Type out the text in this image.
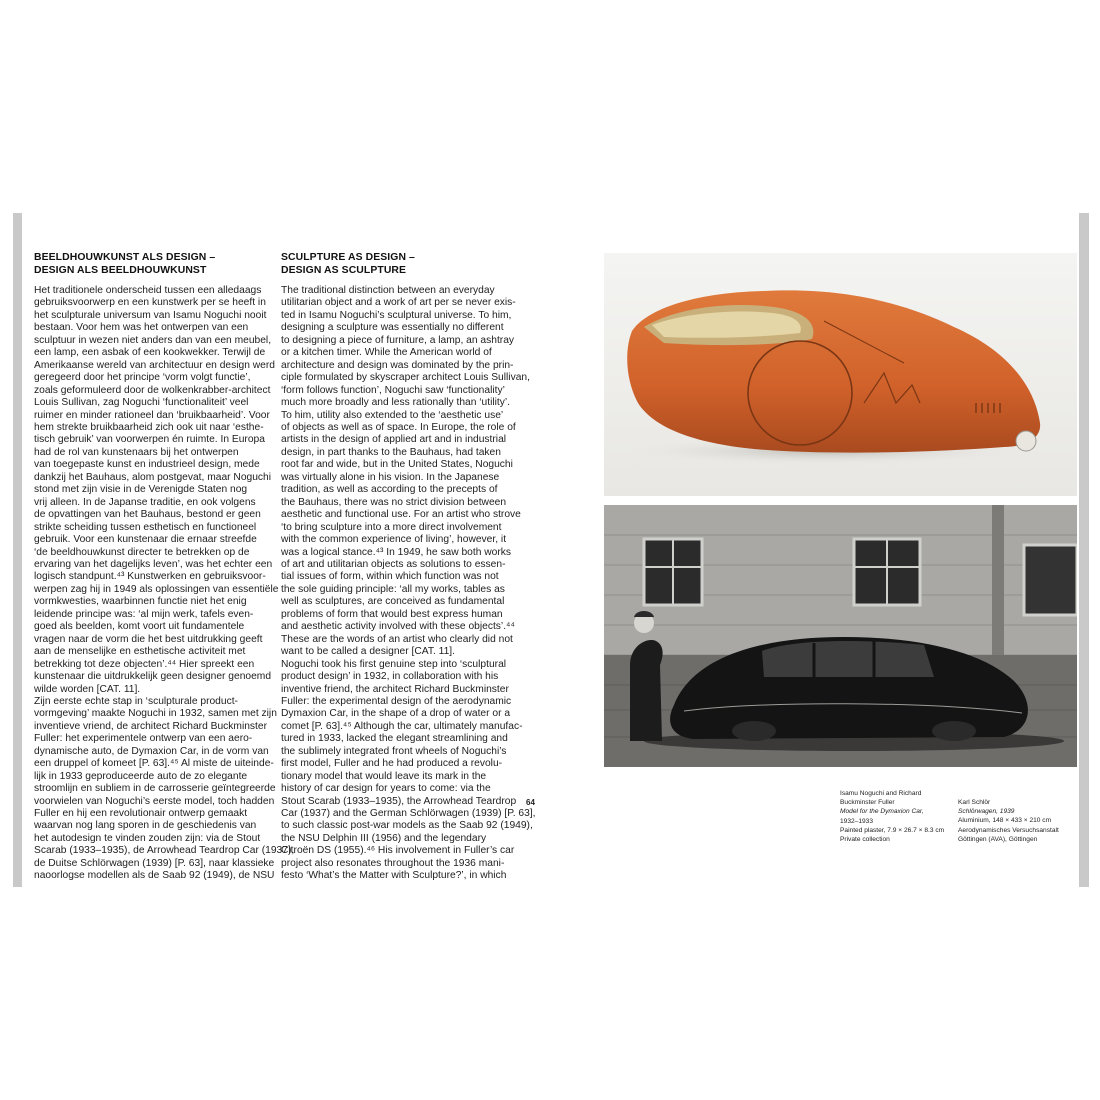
BEELDHOUWKUNST ALS DESIGN –
DESIGN ALS BEELDHOUWKUNST
Het traditionele onderscheid tussen een alledaags
gebruiksvoorwerp en een kunstwerk per se heeft in
het sculpturale universum van Isamu Noguchi nooit
bestaan. Voor hem was het ontwerpen van een
sculptuur in wezen niet anders dan van een meubel,
een lamp, een asbak of een kookwekker. Terwijl de
Amerikaanse wereld van architectuur en design werd
geregeerd door het principe ‘vorm volgt functie’,
zoals geformuleerd door de wolkenkrabber-architect
Louis Sullivan, zag Noguchi ‘functionaliteit’ veel
ruimer en minder rationeel dan ‘bruikbaarheid’. Voor
hem strekte bruikbaarheid zich ook uit naar ‘esthe-
tisch gebruik’ van voorwerpen én ruimte. In Europa
had de rol van kunstenaars bij het ontwerpen
van toegepaste kunst en industrieel design, mede
dankzij het Bauhaus, alom postgevat, maar Noguchi
stond met zijn visie in de Verenigde Staten nog
vrij alleen. In de Japanse traditie, en ook volgens
de opvattingen van het Bauhaus, bestond er geen
strikte scheiding tussen esthetisch en functioneel
gebruik. Voor een kunstenaar die ernaar streefde
‘de beeldhouwkunst directer te betrekken op de
ervaring van het dagelijks leven’, was het echter een
logisch standpunt.⁴³ Kunstwerken en gebruiksvoor-
werpen zag hij in 1949 als oplossingen van essentiële
vormkwesties, waarbinnen functie niet het enig
leidende principe was: ‘al mijn werk, tafels even-
goed als beelden, komt voort uit fundamentele
vragen naar de vorm die het best uitdrukking geeft
aan de menselijke en esthetische activiteit met
betrekking tot deze objecten’.⁴⁴ Hier spreekt een
kunstenaar die uitdrukkelijk geen designer genoemd
wilde worden [CAT. 11].
Zijn eerste echte stap in ‘sculpturale product-
vormgeving’ maakte Noguchi in 1932, samen met zijn
inventieve vriend, de architect Richard Buckminster
Fuller: het experimentele ontwerp van een aero-
dynamische auto, de Dymaxion Car, in de vorm van
een druppel of komeet [P. 63].⁴⁵ Al miste de uiteinde-
lijk in 1933 geproduceerde auto de zo elegante
stroomlijn en subliem in de carrosserie geïntegreerde
voorwielen van Noguchi’s eerste model, toch hadden
Fuller en hij een revolutionair ontwerp gemaakt
waarvan nog lang sporen in de geschiedenis van
het autodesign te vinden zouden zijn: via de Stout
Scarab (1933–1935), de Arrowhead Teardrop Car (1937),
de Duitse Schlörwagen (1939) [P. 63], naar klassieke
naoorlogse modellen als de Saab 92 (1949), de NSU
SCULPTURE AS DESIGN –
DESIGN AS SCULPTURE
The traditional distinction between an everyday
utilitarian object and a work of art per se never exis-
ted in Isamu Noguchi’s sculptural universe. To him,
designing a sculpture was essentially no different
to designing a piece of furniture, a lamp, an ashtray
or a kitchen timer. While the American world of
architecture and design was dominated by the prin-
ciple formulated by skyscraper architect Louis Sullivan,
‘form follows function’, Noguchi saw ‘functionality’
much more broadly and less rationally than ‘utility’.
To him, utility also extended to the ‘aesthetic use’
of objects as well as of space. In Europe, the role of
artists in the design of applied art and in industrial
design, in part thanks to the Bauhaus, had taken
root far and wide, but in the United States, Noguchi
was virtually alone in his vision. In the Japanese
tradition, as well as according to the precepts of
the Bauhaus, there was no strict division between
aesthetic and functional use. For an artist who strove
‘to bring sculpture into a more direct involvement
with the common experience of living’, however, it
was a logical stance.⁴³ In 1949, he saw both works
of art and utilitarian objects as solutions to essen-
tial issues of form, within which function was not
the sole guiding principle: ‘all my works, tables as
well as sculptures, are conceived as fundamental
problems of form that would best express human
and aesthetic activity involved with these objects’.⁴⁴
These are the words of an artist who clearly did not
want to be called a designer [CAT. 11].
Noguchi took his first genuine step into ‘sculptural
product design’ in 1932, in collaboration with his
inventive friend, the architect Richard Buckminster
Fuller: the experimental design of the aerodynamic
Dymaxion Car, in the shape of a drop of water or a
comet [P. 63].⁴⁵ Although the car, ultimately manufac-
tured in 1933, lacked the elegant streamlining and
the sublimely integrated front wheels of Noguchi’s
first model, Fuller and he had produced a revolu-
tionary model that would leave its mark in the
history of car design for years to come: via the
Stout Scarab (1933–1935), the Arrowhead Teardrop
Car (1937) and the German Schlörwagen (1939) [P. 63],
to such classic post-war models as the Saab 92 (1949),
the NSU Delphin III (1956) and the legendary
Citroën DS (1955).⁴⁶ His involvement in Fuller’s car
project also resonates throughout the 1936 mani-
festo ‘What’s the Matter with Sculpture?’, in which
64
Isamu Noguchi and Richard
Buckminster Fuller
Model for the Dymaxion Car,
1932–1933
Painted plaster, 7.9 × 26.7 × 8.3 cm
Private collection
Karl Schlör
Schlörwagen, 1939
Aluminium, 148 × 433 × 210 cm
Aerodynamisches Versuchsanstalt
Göttingen (AVA), Göttingen
